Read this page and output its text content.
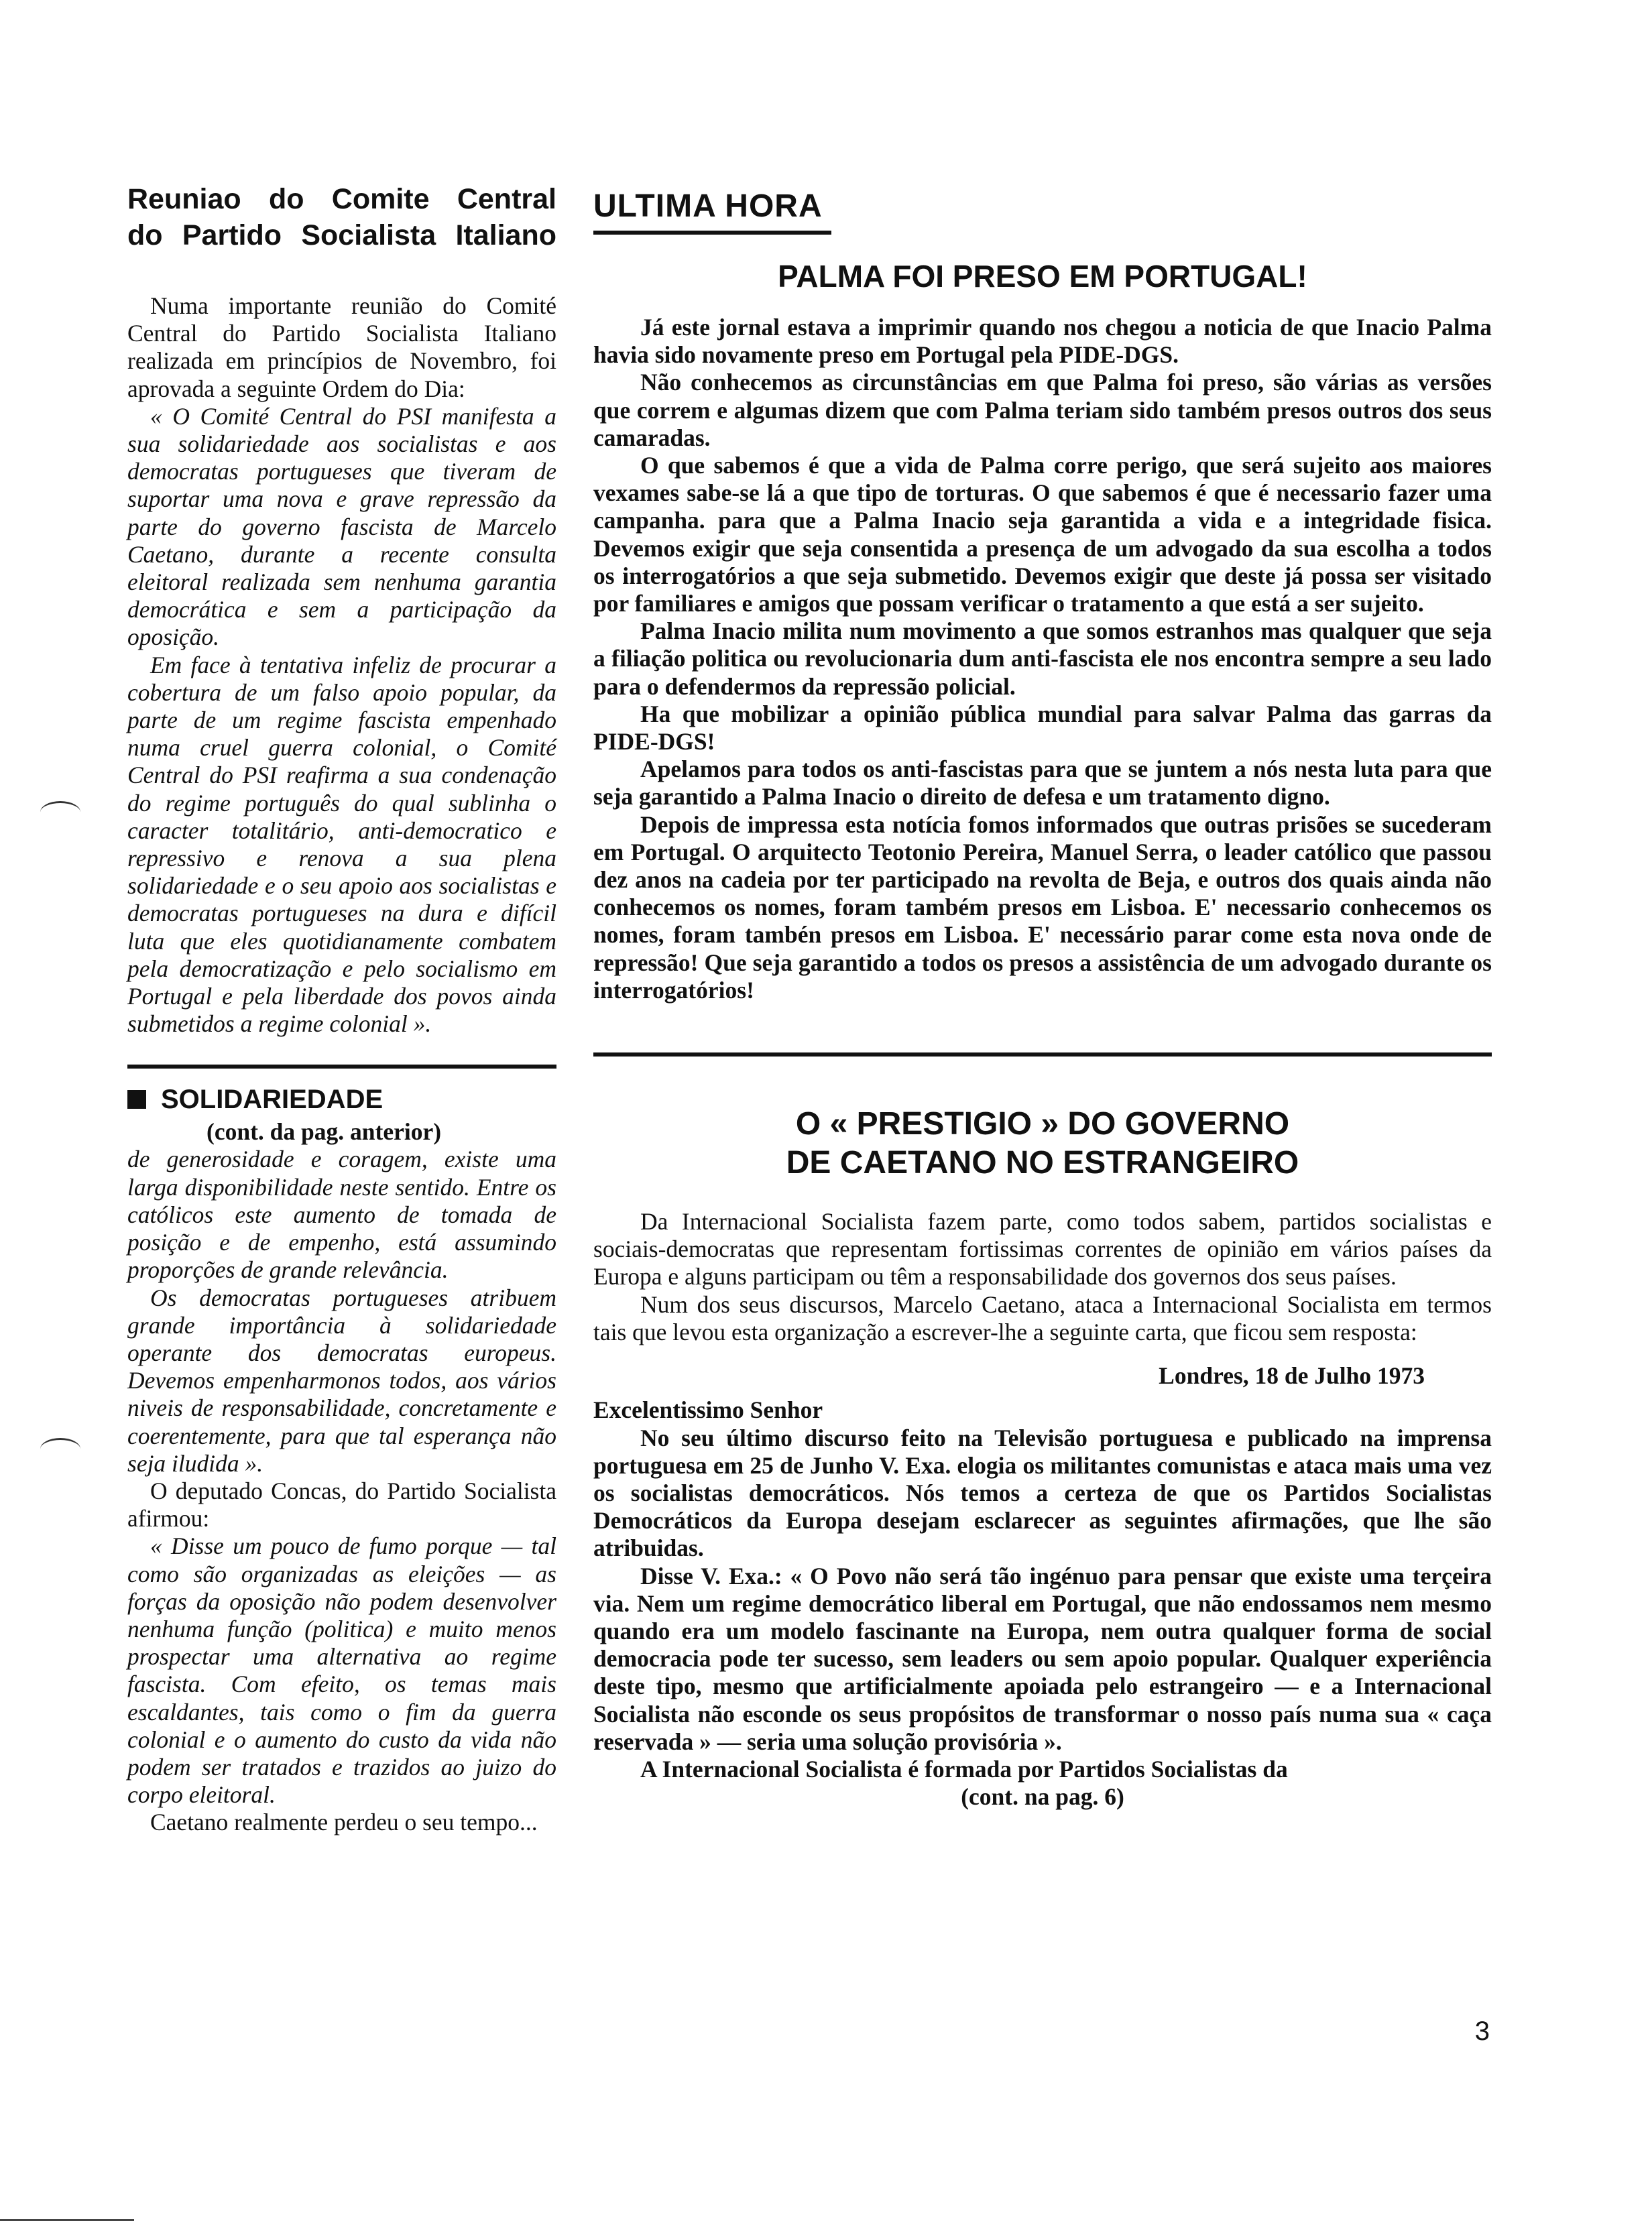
Reuniao do Comite Central
do Partido Socialista Italiano

Numa importante reunião do Comité Central do Partido Socialista Italiano realizada em princípios de Novembro, foi aprovada a seguinte Ordem do Dia:

« O Comité Central do PSI manifesta a sua solidariedade aos socialistas e aos democratas portugueses que tiveram de suportar uma nova e grave repressão da parte do governo fascista de Marcelo Caetano, durante a recente consulta eleitoral realizada sem nenhuma garantia democrática e sem a participação da oposição.

Em face à tentativa infeliz de procurar a cobertura de um falso apoio popular, da parte de um regime fascista empenhado numa cruel guerra colonial, o Comité Central do PSI reafirma a sua condenação do regime português do qual sublinha o caracter totalitário, anti-democratico e repressivo e renova a sua plena solidariedade e o seu apoio aos socialistas e democratas portugueses na dura e difícil luta que eles quotidianamente combatem pela democratização e pelo socialismo em Portugal e pela liberdade dos povos ainda submetidos a regime colonial ».

SOLIDARIEDADE
(cont. da pag. anterior)

de generosidade e coragem, existe uma larga disponibilidade neste sentido. Entre os católicos este aumento de tomada de posição e de empenho, está assumindo proporções de grande relevância.

Os democratas portugueses atribuem grande importância à solidariedade operante dos democratas europeus. Devemos empenharmonos todos, aos vários niveis de responsabilidade, concretamente e coerentemente, para que tal esperança não seja iludida ».

O deputado Concas, do Partido Socialista afirmou:

« Disse um pouco de fumo porque — tal como são organizadas as eleições — as forças da oposição não podem desenvolver nenhuma função (politica) e muito menos prospectar uma alternativa ao regime fascista. Com efeito, os temas mais escaldantes, tais como o fim da guerra colonial e o aumento do custo da vida não podem ser tratados e trazidos ao juizo do corpo eleitoral.

Caetano realmente perdeu o seu tempo...

ULTIMA HORA
PALMA FOI PRESO EM PORTUGAL!

Já este jornal estava a imprimir quando nos chegou a noticia de que Inacio Palma havia sido novamente preso em Portugal pela PIDE-DGS.

Não conhecemos as circunstâncias em que Palma foi preso, são várias as versões que correm e algumas dizem que com Palma teriam sido também presos outros dos seus camaradas.

O que sabemos é que a vida de Palma corre perigo, que será sujeito aos maiores vexames sabe-se lá a que tipo de torturas. O que sabemos é que é necessario fazer uma campanha. para que a Palma Inacio seja garantida a vida e a integridade fisica. Devemos exigir que seja consentida a presença de um advogado da sua escolha a todos os interrogatórios a que seja submetido. Devemos exigir que deste já possa ser visitado por familiares e amigos que possam verificar o tratamento a que está a ser sujeito.

Palma Inacio milita num movimento a que somos estranhos mas qualquer que seja a filiação politica ou revolucionaria dum anti-fascista ele nos encontra sempre a seu lado para o defendermos da repressão policial.

Ha que mobilizar a opinião pública mundial para salvar Palma das garras da PIDE-DGS!

Apelamos para todos os anti-fascistas para que se juntem a nós nesta luta para que seja garantido a Palma Inacio o direito de defesa e um tratamento digno.

Depois de impressa esta notícia fomos informados que outras prisões se sucederam em Portugal. O arquitecto Teotonio Pereira, Manuel Serra, o leader católico que passou dez anos na cadeia por ter participado na revolta de Beja, e outros dos quais ainda não conhecemos os nomes, foram também presos em Lisboa. E' necessario conhecemos os nomes, foram tambén presos em Lisboa. E' necessário parar come esta nova onde de repressão! Que seja garantido a todos os presos a assistência de um advogado durante os interrogatórios!

O « PRESTIGIO » DO GOVERNO
DE CAETANO NO ESTRANGEIRO

Da Internacional Socialista fazem parte, como todos sabem, partidos socialistas e sociais-democratas que representam fortissimas correntes de opinião em vários países da Europa e alguns participam ou têm a responsabilidade dos governos dos seus países.

Num dos seus discursos, Marcelo Caetano, ataca a Internacional Socialista em termos tais que levou esta organização a escrever-lhe a seguinte carta, que ficou sem resposta:

Londres, 18 de Julho 1973
Excelentissimo Senhor

No seu último discurso feito na Televisão portuguesa e publicado na imprensa portuguesa em 25 de Junho V. Exa. elogia os militantes comunistas e ataca mais uma vez os socialistas democráticos. Nós temos a certeza de que os Partidos Socialistas Democráticos da Europa desejam esclarecer as seguintes afirmações, que lhe são atribuidas.

Disse V. Exa.: « O Povo não será tão ingénuo para pensar que existe uma terçeira via. Nem um regime democrático liberal em Portugal, que não endossamos nem mesmo quando era um modelo fascinante na Europa, nem outra qualquer forma de social democracia pode ter sucesso, sem leaders ou sem apoio popular. Qualquer experiência deste tipo, mesmo que artificialmente apoiada pelo estrangeiro — e a Internacional Socialista não esconde os seus propósitos de transformar o nosso país numa sua « caça reservada » — seria uma solução provisória ».

A Internacional Socialista é formada por Partidos Socialistas da

(cont. na pag. 6)
3
